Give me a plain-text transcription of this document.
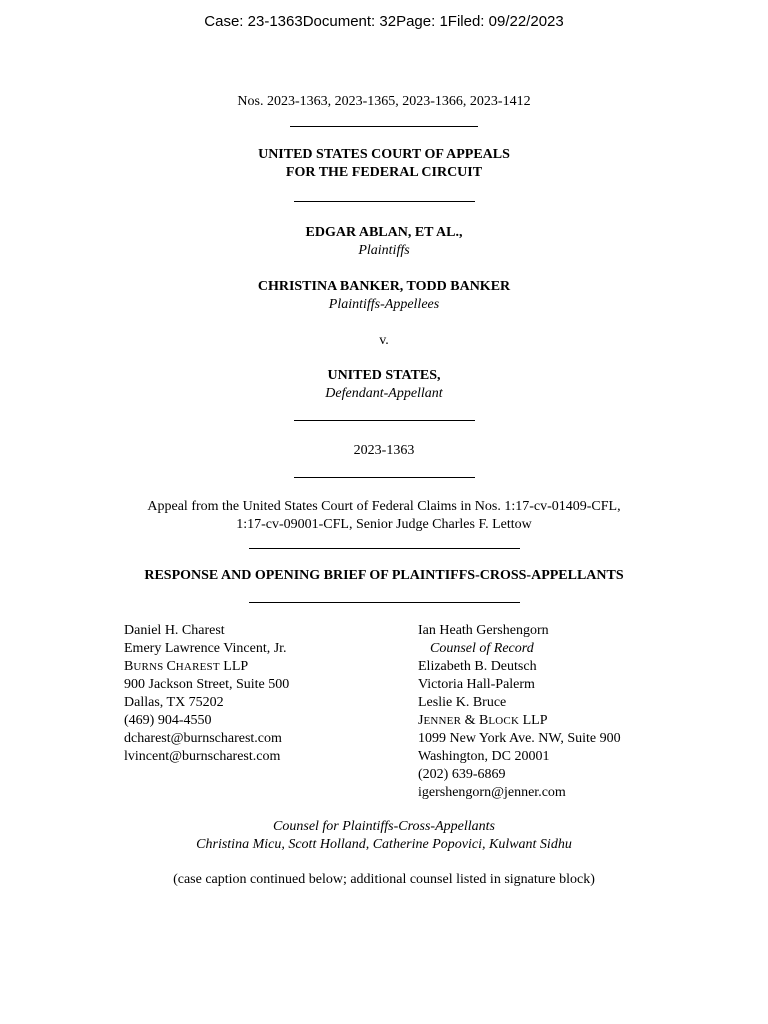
Case: 23-1363Document: 32Page: 1Filed: 09/22/2023
Nos. 2023-1363, 2023-1365, 2023-1366, 2023-1412
UNITED STATES COURT OF APPEALS
FOR THE FEDERAL CIRCUIT
EDGAR ABLAN, ET AL.,
Plaintiffs
CHRISTINA BANKER, TODD BANKER
Plaintiffs-Appellees
v.
UNITED STATES,
Defendant-Appellant
2023-1363
Appeal from the United States Court of Federal Claims in Nos. 1:17-cv-01409-CFL,
1:17-cv-09001-CFL, Senior Judge Charles F. Lettow
RESPONSE AND OPENING BRIEF OF PLAINTIFFS-CROSS-APPELLANTS
Daniel H. Charest
Emery Lawrence Vincent, Jr.
BURNS CHAREST LLP
900 Jackson Street, Suite 500
Dallas, TX 75202
(469) 904-4550
dcharest@burnscharest.com
lvincent@burnscharest.com
Ian Heath Gershengorn
Counsel of Record
Elizabeth B. Deutsch
Victoria Hall-Palerm
Leslie K. Bruce
JENNER & BLOCK LLP
1099 New York Ave. NW, Suite 900
Washington, DC 20001
(202) 639-6869
igershengorn@jenner.com
Counsel for Plaintiffs-Cross-Appellants
Christina Micu, Scott Holland, Catherine Popovici, Kulwant Sidhu
(case caption continued below; additional counsel listed in signature block)
